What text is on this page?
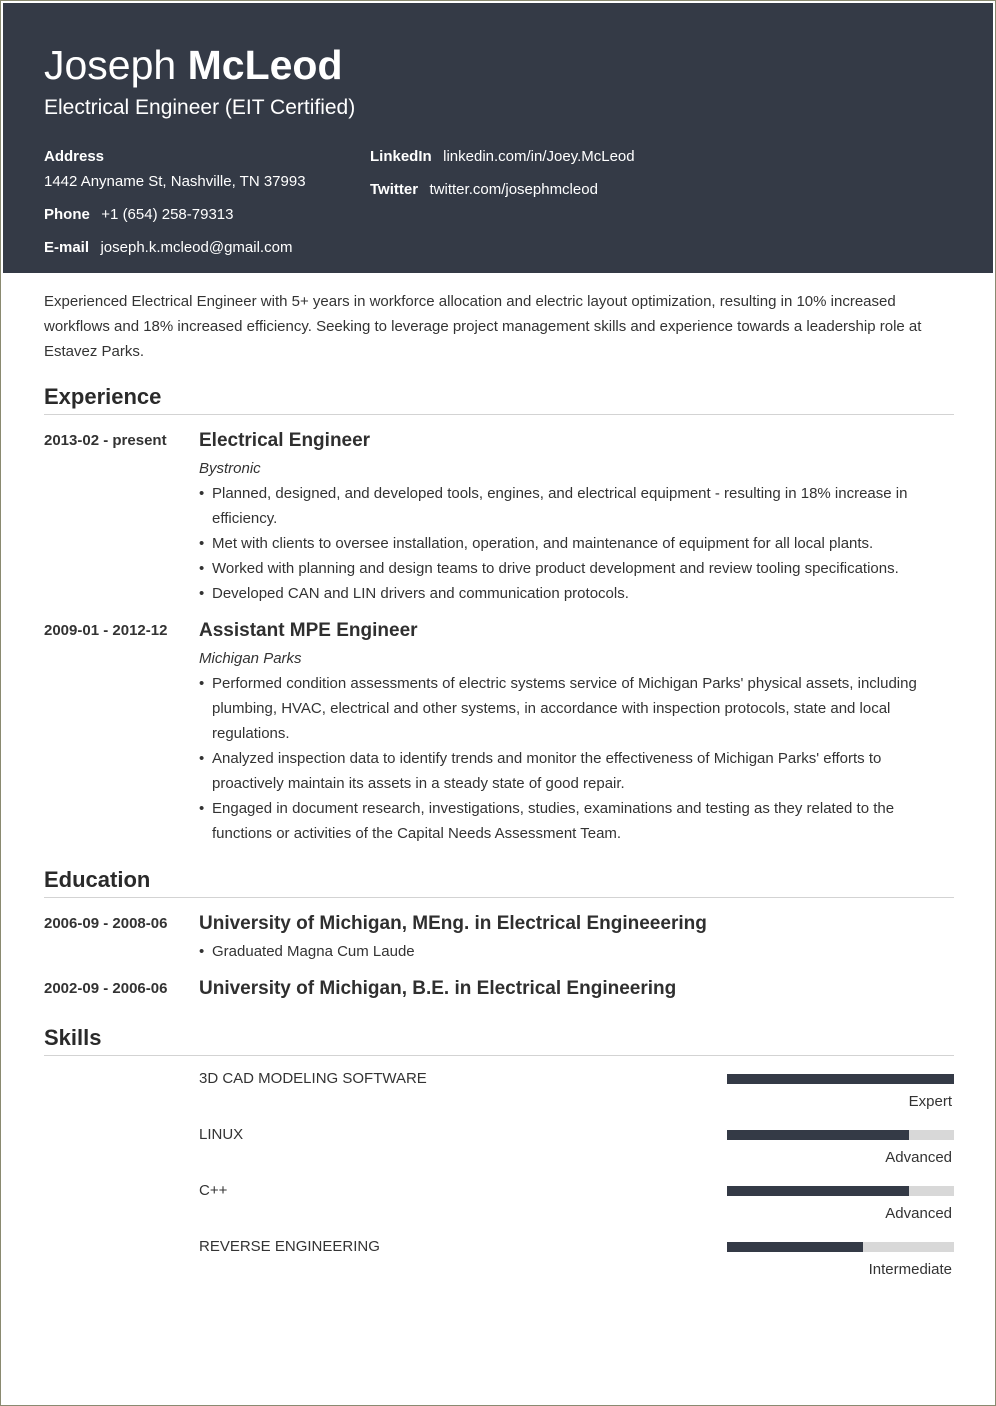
Joseph McLeod
Electrical Engineer (EIT Certified)
Address
1442 Anyname St, Nashville, TN 37993
Phone +1 (654) 258-79313
E-mail joseph.k.mcleod@gmail.com
LinkedIn linkedin.com/in/Joey.McLeod
Twitter twitter.com/josephmcleod
Experienced Electrical Engineer with 5+ years in workforce allocation and electric layout optimization, resulting in 10% increased workflows and 18% increased efficiency. Seeking to leverage project management skills and experience towards a leadership role at Estavez Parks.
Experience
2013-02 - present Electrical Engineer
Bystronic
• Planned, designed, and developed tools, engines, and electrical equipment - resulting in 18% increase in efficiency.
• Met with clients to oversee installation, operation, and maintenance of equipment for all local plants.
• Worked with planning and design teams to drive product development and review tooling specifications.
• Developed CAN and LIN drivers and communication protocols.
2009-01 - 2012-12 Assistant MPE Engineer
Michigan Parks
• Performed condition assessments of electric systems service of Michigan Parks' physical assets, including plumbing, HVAC, electrical and other systems, in accordance with inspection protocols, state and local regulations.
• Analyzed inspection data to identify trends and monitor the effectiveness of Michigan Parks' efforts to proactively maintain its assets in a steady state of good repair.
• Engaged in document research, investigations, studies, examinations and testing as they related to the functions or activities of the Capital Needs Assessment Team.
Education
2006-09 - 2008-06 University of Michigan, MEng. in Electrical Engineeering
• Graduated Magna Cum Laude
2002-09 - 2006-06 University of Michigan, B.E. in Electrical Engineering
Skills
3D CAD MODELING SOFTWARE
Expert
LINUX
Advanced
C++
Advanced
REVERSE ENGINEERING
Intermediate
